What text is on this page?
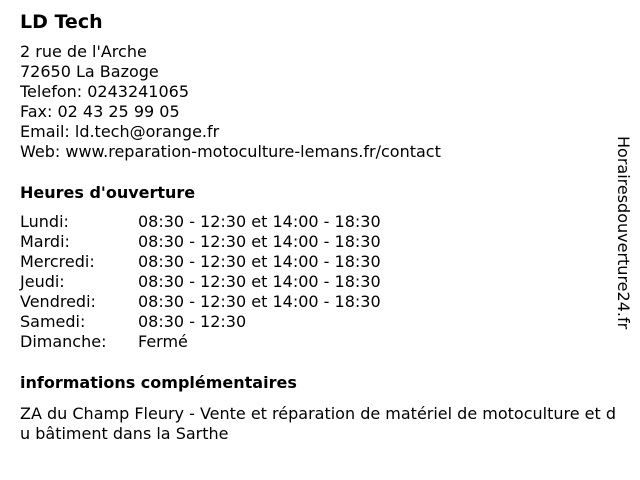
LD Tech
2 rue de l'Arche
72650 La Bazoge
Telefon: 0243241065
Fax: 02 43 25 99 05
Email: ld.tech@orange.fr
Web: www.reparation-motoculture-lemans.fr/contact
Heures d'ouverture
Lundi:	08:30 - 12:30 et 14:00 - 18:30
Mardi:	08:30 - 12:30 et 14:00 - 18:30
Mercredi:	08:30 - 12:30 et 14:00 - 18:30
Jeudi:	08:30 - 12:30 et 14:00 - 18:30
Vendredi:	08:30 - 12:30 et 14:00 - 18:30
Samedi:	08:30 - 12:30
Dimanche:	Fermé
informations complémentaires
ZA du Champ Fleury - Vente et réparation de matériel de motoculture et du bâtiment dans la Sarthe
Horairesdouverture24.fr
